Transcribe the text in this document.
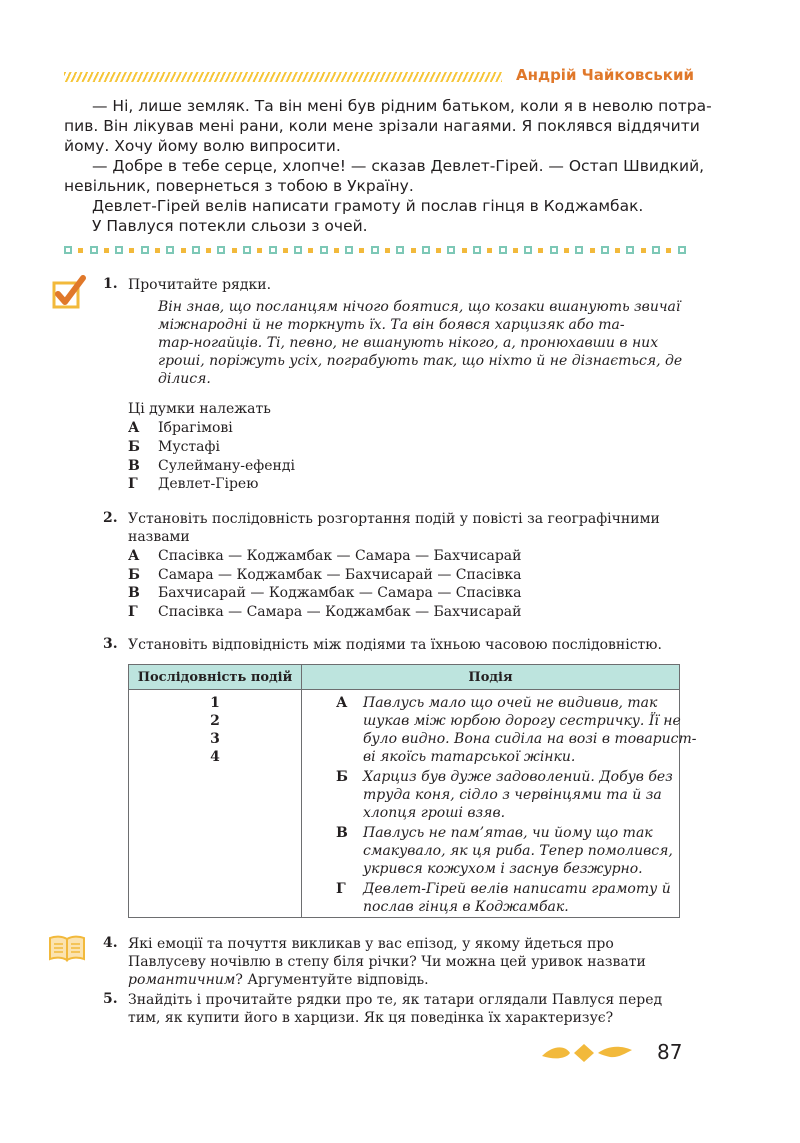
Андрій Чайковський
— Ні, лише земляк. Та він мені був рідним батьком, коли я в неволю потра-
пив. Він лікував мені рани, коли мене зрізали нагаями. Я поклявся віддячити
йому. Хочу йому волю випросити.
— Добре в тебе серце, хлопче! — сказав Девлет-Гірей. — Остап Швидкий,
невільник, повернеться з тобою в Україну.
Девлет-Гірей велів написати грамоту й послав гінця в Коджамбак.
У Павлуся потекли сльози з очей.
1. Прочитайте рядки.
Він знав, що посланцям нічого боятися, що козаки вшанують звичаї
міжнародні й не торкнуть їх. Та він боявся харцизяк або та-
тар-ногайців. Ті, певно, не вшанують нікого, а, пронюхавши в них
гроші, поріжуть усіх, пограбують так, що ніхто й не дізнається, де
ділися.
Ці думки належать
А Ібрагімові
Б Мустафі
В Сулейману-ефенді
Г Девлет-Гірею
2. Установіть послідовність розгортання подій у повісті за географічними
назвами
А Спасівка — Коджамбак — Самара — Бахчисарай
Б Самара — Коджамбак — Бахчисарай — Спасівка
В Бахчисарай — Коджамбак — Самара — Спасівка
Г Спасівка — Самара — Коджамбак — Бахчисарай
3. Установіть відповідність між подіями та їхньою часовою послідовністю.
Послідовність подій	Подія
1
2
3
4
А Павлусь мало що очей не видивив, так
шукав між юрбою дорогу сестричку. Її не
було видно. Вона сиділа на возі в товарист-
ві якоїсь татарської жінки.
Б Харциз був дуже задоволений. Добув без
труда коня, сідло з червінцями та й за
хлопця гроші взяв.
В Павлусь не пам’ятав, чи йому що так
смакувало, як ця риба. Тепер помолився,
укрився кожухом і заснув безжурно.
Г Девлет-Гірей велів написати грамоту й
послав гінця в Коджамбак.
4. Які емоції та почуття викликав у вас епізод, у якому йдеться про
Павлусеву ночівлю в степу біля річки? Чи можна цей уривок назвати
романтичним? Аргументуйте відповідь.
5. Знайдіть і прочитайте рядки про те, як татари оглядали Павлуся перед
тим, як купити його в харцизи. Як ця поведінка їх характеризує?
87
